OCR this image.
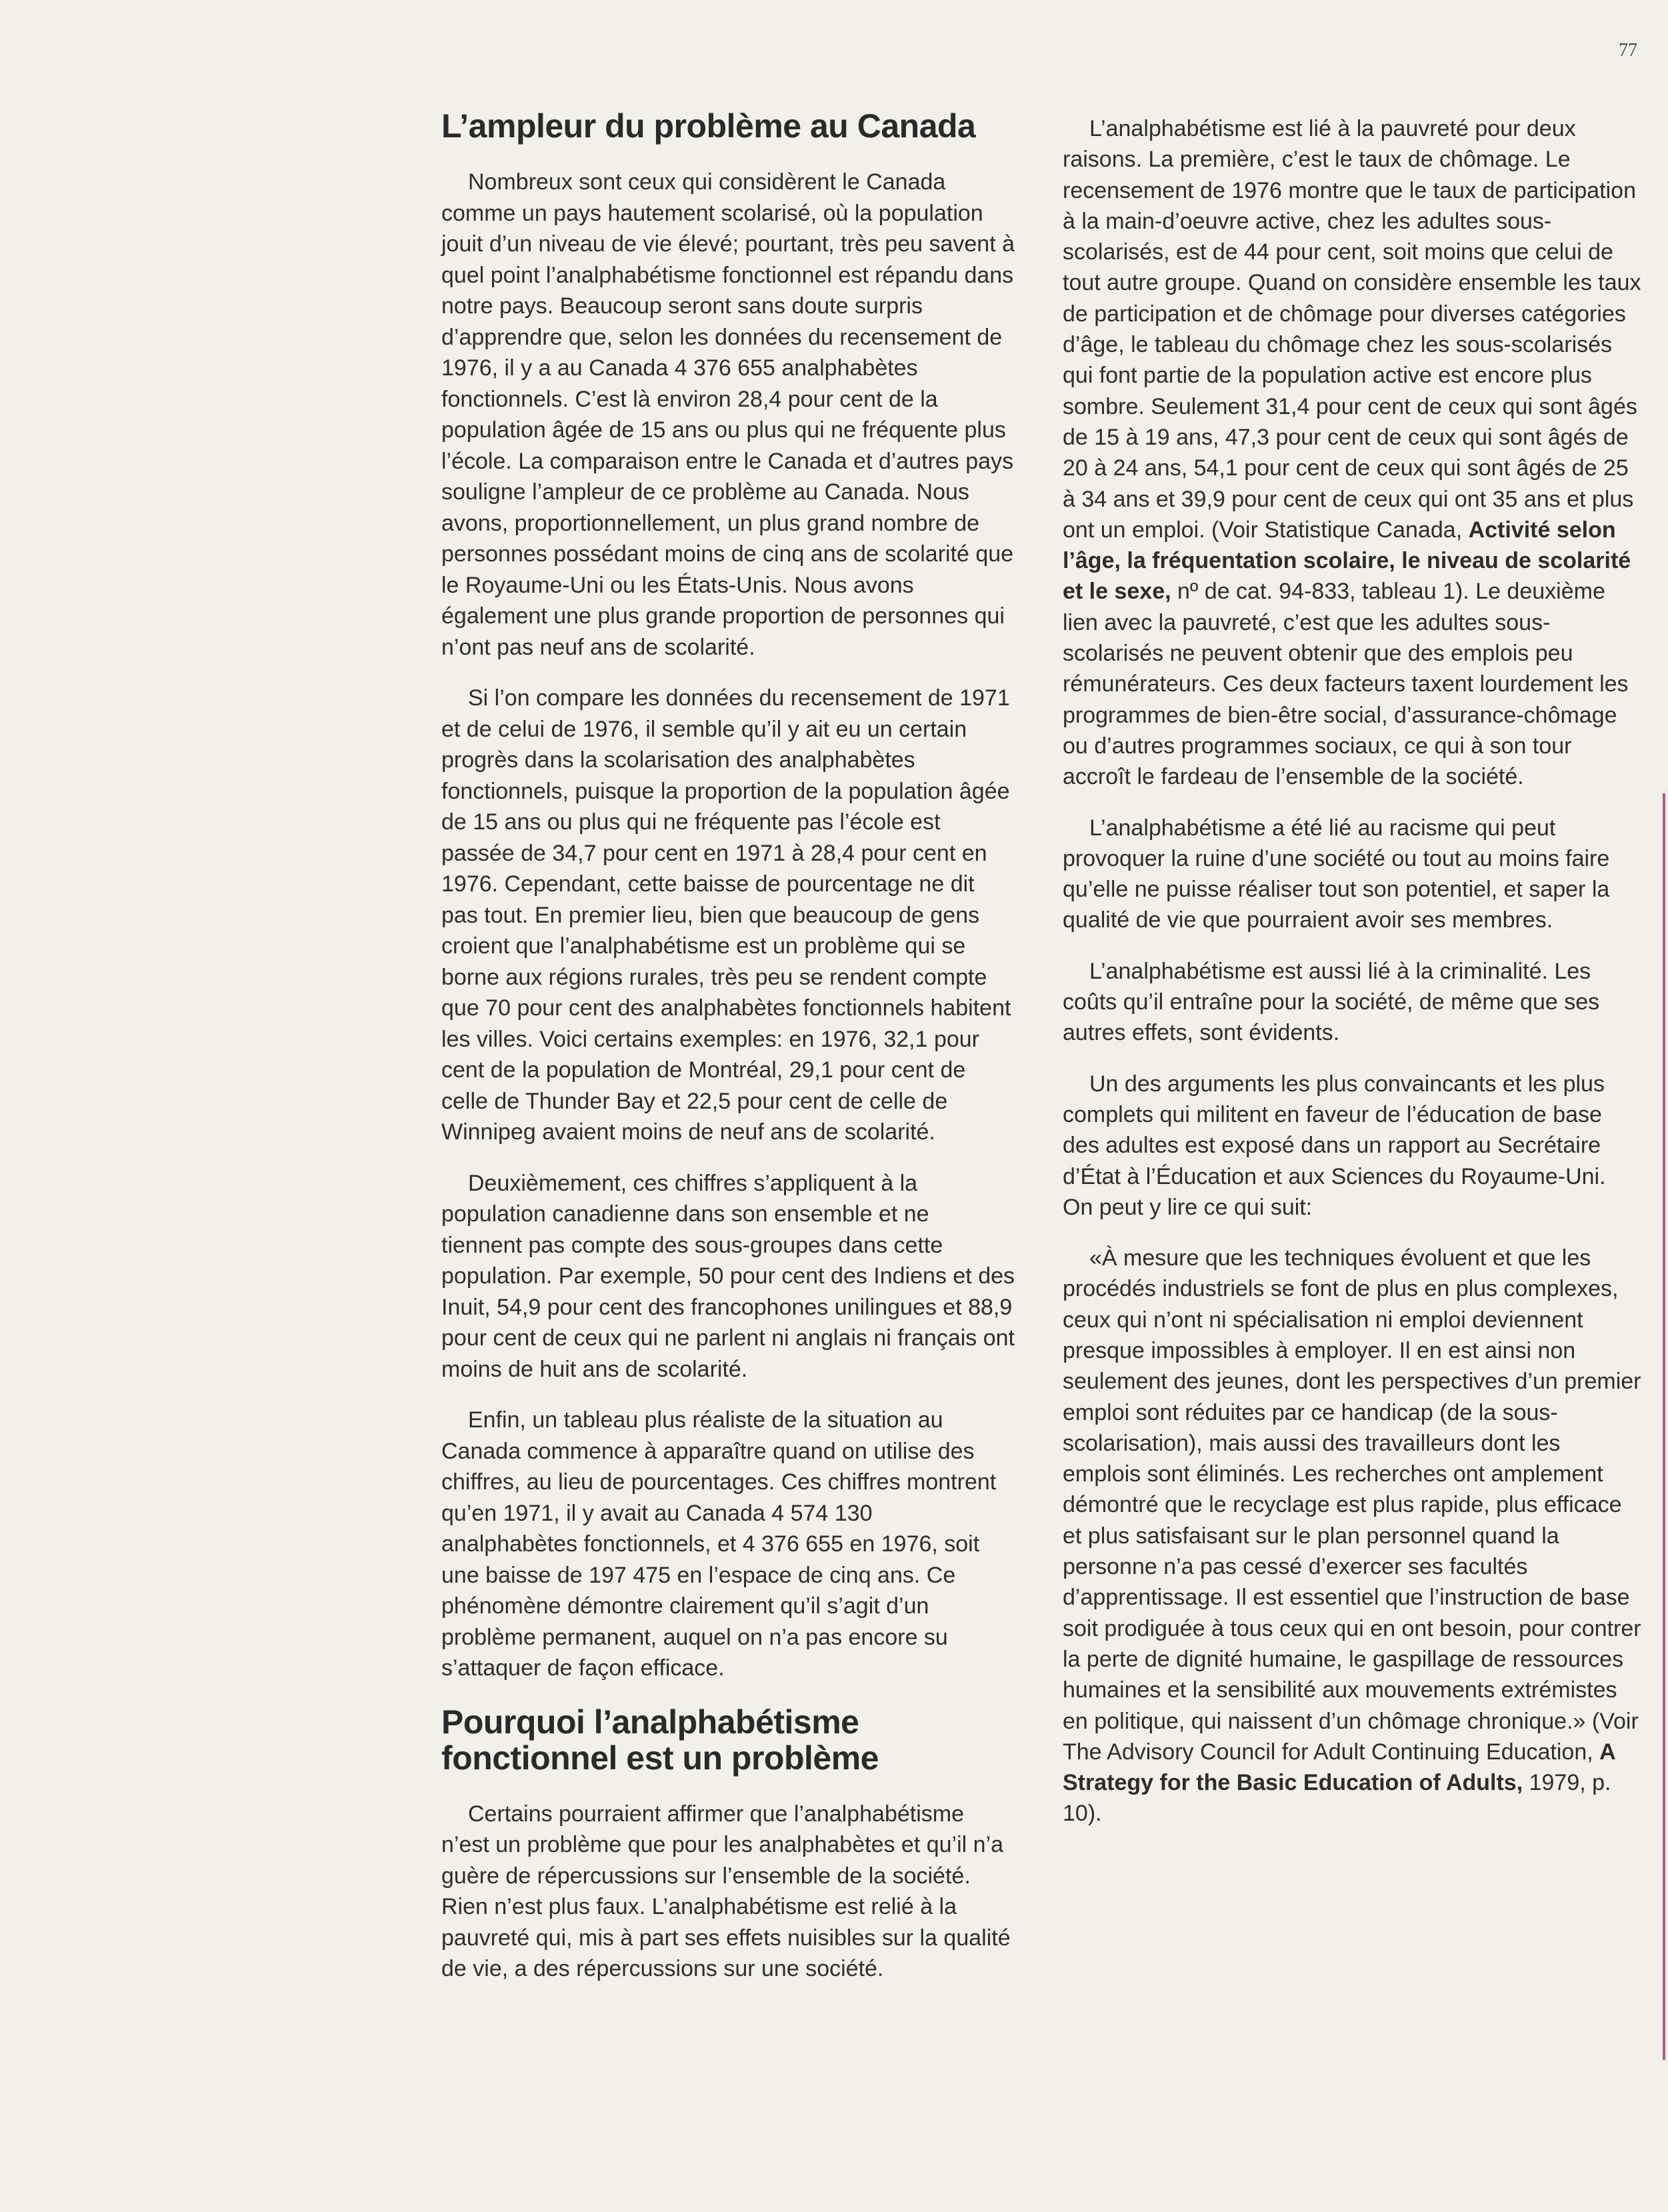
77
L’ampleur du problème au Canada

Nombreux sont ceux qui considèrent le Canada comme un pays hautement scolarisé, où la population jouit d’un niveau de vie élevé; pourtant, très peu savent à quel point l’analphabétisme fonctionnel est répandu dans notre pays. Beaucoup seront sans doute surpris d’apprendre que, selon les données du recensement de 1976, il y a au Canada 4 376 655 analphabètes fonctionnels. C’est là environ 28,4 pour cent de la population âgée de 15 ans ou plus qui ne fréquente plus l’école. La comparaison entre le Canada et d’autres pays souligne l’ampleur de ce problème au Canada. Nous avons, proportionnellement, un plus grand nombre de personnes possédant moins de cinq ans de scolarité que le Royaume-Uni ou les États-Unis. Nous avons également une plus grande proportion de personnes qui n’ont pas neuf ans de scolarité.

Si l’on compare les données du recensement de 1971 et de celui de 1976, il semble qu’il y ait eu un certain progrès dans la scolarisation des analphabètes fonctionnels, puisque la proportion de la population âgée de 15 ans ou plus qui ne fréquente pas l’école est passée de 34,7 pour cent en 1971 à 28,4 pour cent en 1976. Cependant, cette baisse de pourcentage ne dit pas tout. En premier lieu, bien que beaucoup de gens croient que l’analphabétisme est un problème qui se borne aux régions rurales, très peu se rendent compte que 70 pour cent des analphabètes fonctionnels habitent les villes. Voici certains exemples: en 1976, 32,1 pour cent de la population de Montréal, 29,1 pour cent de celle de Thunder Bay et 22,5 pour cent de celle de Winnipeg avaient moins de neuf ans de scolarité.

Deuxièmement, ces chiffres s’appliquent à la population canadienne dans son ensemble et ne tiennent pas compte des sous-groupes dans cette population. Par exemple, 50 pour cent des Indiens et des Inuit, 54,9 pour cent des francophones unilingues et 88,9 pour cent de ceux qui ne parlent ni anglais ni français ont moins de huit ans de scolarité.

Enfin, un tableau plus réaliste de la situation au Canada commence à apparaître quand on utilise des chiffres, au lieu de pourcentages. Ces chiffres montrent qu’en 1971, il y avait au Canada 4 574 130 analphabètes fonctionnels, et 4 376 655 en 1976, soit une baisse de 197 475 en l’espace de cinq ans. Ce phénomène démontre clairement qu’il s’agit d’un problème permanent, auquel on n’a pas encore su s’attaquer de façon efficace.

Pourquoi l’analphabétisme fonctionnel est un problème

Certains pourraient affirmer que l’analphabétisme n’est un problème que pour les analphabètes et qu’il n’a guère de répercussions sur l’ensemble de la société. Rien n’est plus faux. L’analphabétisme est relié à la pauvreté qui, mis à part ses effets nuisibles sur la qualité de vie, a des répercussions sur une société.

L’analphabétisme est lié à la pauvreté pour deux raisons. La première, c’est le taux de chômage. Le recensement de 1976 montre que le taux de participation à la main-d’oeuvre active, chez les adultes sous-scolarisés, est de 44 pour cent, soit moins que celui de tout autre groupe. Quand on considère ensemble les taux de participation et de chômage pour diverses catégories d’âge, le tableau du chômage chez les sous-scolarisés qui font partie de la population active est encore plus sombre. Seulement 31,4 pour cent de ceux qui sont âgés de 15 à 19 ans, 47,3 pour cent de ceux qui sont âgés de 20 à 24 ans, 54,1 pour cent de ceux qui sont âgés de 25 à 34 ans et 39,9 pour cent de ceux qui ont 35 ans et plus ont un emploi. (Voir Statistique Canada, Activité selon l’âge, la fréquentation scolaire, le niveau de scolarité et le sexe, nº de cat. 94-833, tableau 1). Le deuxième lien avec la pauvreté, c’est que les adultes sous-scolarisés ne peuvent obtenir que des emplois peu rémunérateurs. Ces deux facteurs taxent lourdement les programmes de bien-être social, d’assurance-chômage ou d’autres programmes sociaux, ce qui à son tour accroît le fardeau de l’ensemble de la société.

L’analphabétisme a été lié au racisme qui peut provoquer la ruine d’une société ou tout au moins faire qu’elle ne puisse réaliser tout son potentiel, et saper la qualité de vie que pourraient avoir ses membres.

L’analphabétisme est aussi lié à la criminalité. Les coûts qu’il entraîne pour la société, de même que ses autres effets, sont évidents.

Un des arguments les plus convaincants et les plus complets qui militent en faveur de l’éducation de base des adultes est exposé dans un rapport au Secrétaire d’État à l’Éducation et aux Sciences du Royaume-Uni. On peut y lire ce qui suit:

«À mesure que les techniques évoluent et que les procédés industriels se font de plus en plus complexes, ceux qui n’ont ni spécialisation ni emploi deviennent presque impossibles à employer. Il en est ainsi non seulement des jeunes, dont les perspectives d’un premier emploi sont réduites par ce handicap (de la sous-scolarisation), mais aussi des travailleurs dont les emplois sont éliminés. Les recherches ont amplement démontré que le recyclage est plus rapide, plus efficace et plus satisfaisant sur le plan personnel quand la personne n’a pas cessé d’exercer ses facultés d’apprentissage. Il est essentiel que l’instruction de base soit prodiguée à tous ceux qui en ont besoin, pour contrer la perte de dignité humaine, le gaspillage de ressources humaines et la sensibilité aux mouvements extrémistes en politique, qui naissent d’un chômage chronique.» (Voir The Advisory Council for Adult Continuing Education, A Strategy for the Basic Education of Adults, 1979, p. 10).
